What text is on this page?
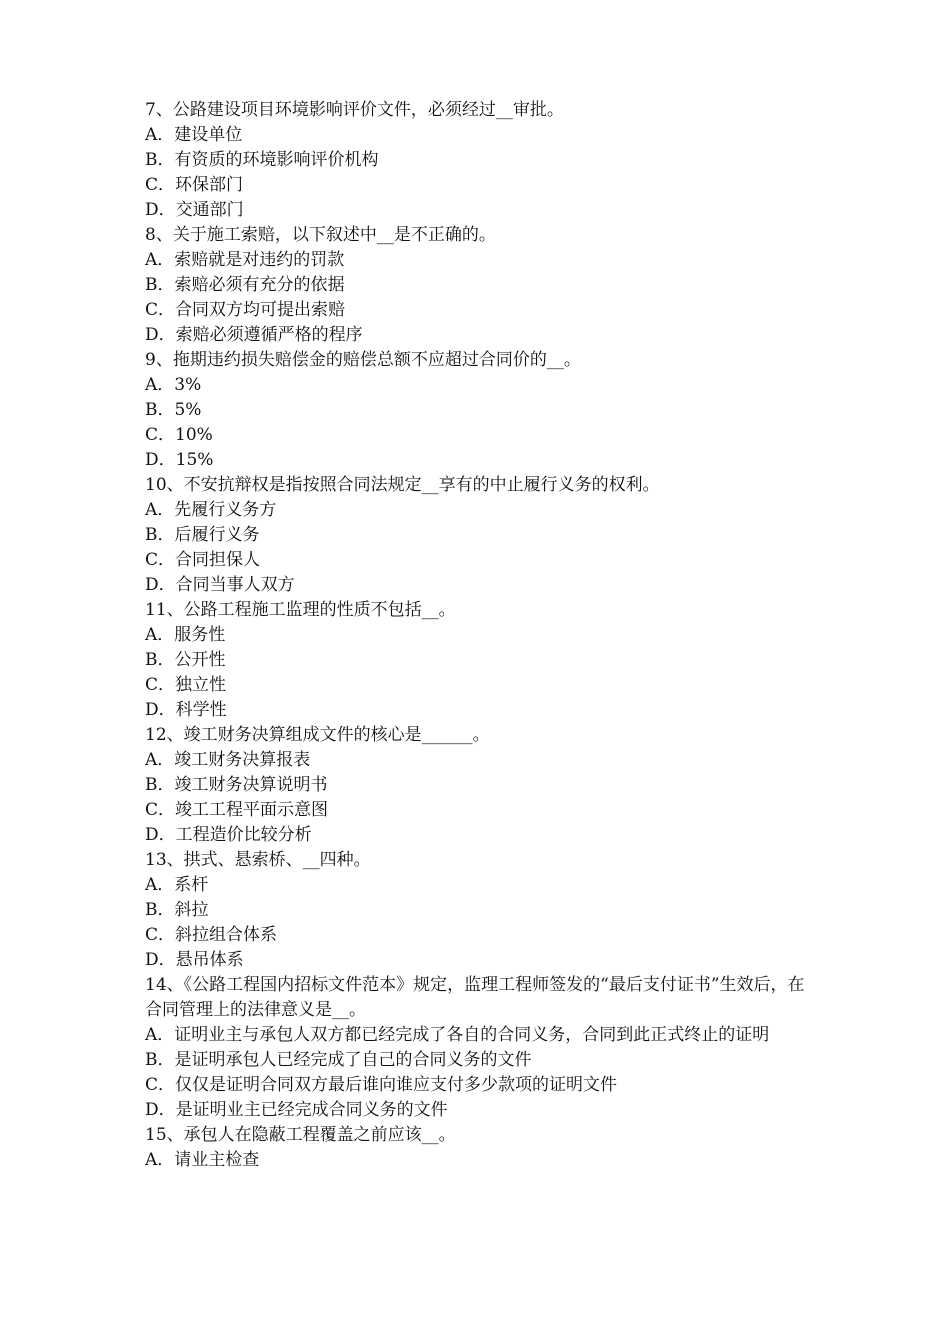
7、公路建设项目环境影响评价文件，必须经过__审批。
A．建设单位
B．有资质的环境影响评价机构
C．环保部门
D．交通部门
8、关于施工索赔，以下叙述中__是不正确的。
A．索赔就是对违约的罚款
B．索赔必须有充分的依据
C．合同双方均可提出索赔
D．索赔必须遵循严格的程序
9、拖期违约损失赔偿金的赔偿总额不应超过合同价的__。
A．3%
B．5%
C．10%
D．15%
10、不安抗辩权是指按照合同法规定__享有的中止履行义务的权利。
A．先履行义务方
B．后履行义务
C．合同担保人
D．合同当事人双方
11、公路工程施工监理的性质不包括__。
A．服务性
B．公开性
C．独立性
D．科学性
12、竣工财务决算组成文件的核心是______。
A．竣工财务决算报表
B．竣工财务决算说明书
C．竣工工程平面示意图
D．工程造价比较分析
13、拱式、悬索桥、__四种。
A．系杆
B．斜拉
C．斜拉组合体系
D．悬吊体系
14、《公路工程国内招标文件范本》规定，监理工程师签发的“最后支付证书”生效后，在合同管理上的法律意义是__。
A．证明业主与承包人双方都已经完成了各自的合同义务，合同到此正式终止的证明
B．是证明承包人已经完成了自己的合同义务的文件
C．仅仅是证明合同双方最后谁向谁应支付多少款项的证明文件
D．是证明业主已经完成合同义务的文件
15、承包人在隐蔽工程覆盖之前应该__。
A．请业主检查
